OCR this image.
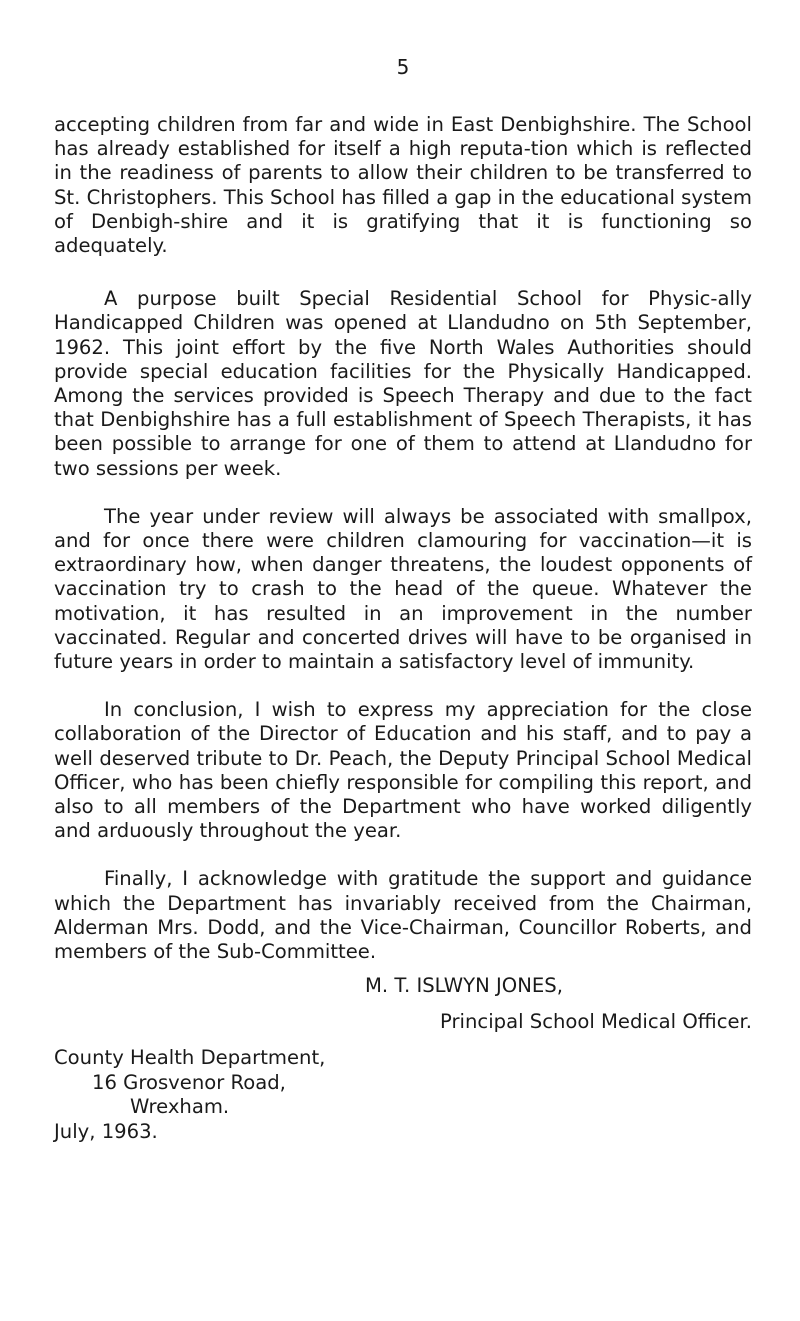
5

accepting children from far and wide in East Denbighshire. The School has already established for itself a high reputa-tion which is reflected in the readiness of parents to allow their children to be transferred to St. Christophers. This School has filled a gap in the educational system of Denbigh-shire and it is gratifying that it is functioning so adequately.

A purpose built Special Residential School for Physic-ally Handicapped Children was opened at Llandudno on 5th September, 1962. This joint effort by the five North Wales Authorities should provide special education facilities for the Physically Handicapped. Among the services provided is Speech Therapy and due to the fact that Denbighshire has a full establishment of Speech Therapists, it has been possible to arrange for one of them to attend at Llandudno for two sessions per week.

The year under review will always be associated with smallpox, and for once there were children clamouring for vaccination—it is extraordinary how, when danger threatens, the loudest opponents of vaccination try to crash to the head of the queue. Whatever the motivation, it has resulted in an improvement in the number vaccinated. Regular and concerted drives will have to be organised in future years in order to maintain a satisfactory level of immunity.

In conclusion, I wish to express my appreciation for the close collaboration of the Director of Education and his staff, and to pay a well deserved tribute to Dr. Peach, the Deputy Principal School Medical Officer, who has been chiefly responsible for compiling this report, and also to all members of the Department who have worked diligently and arduously throughout the year.

Finally, I acknowledge with gratitude the support and guidance which the Department has invariably received from the Chairman, Alderman Mrs. Dodd, and the Vice-Chairman, Councillor Roberts, and members of the Sub-Committee.

M. T. ISLWYN JONES,
Principal School Medical Officer.
County Health Department,
16 Grosvenor Road,
Wrexham.
July, 1963.
